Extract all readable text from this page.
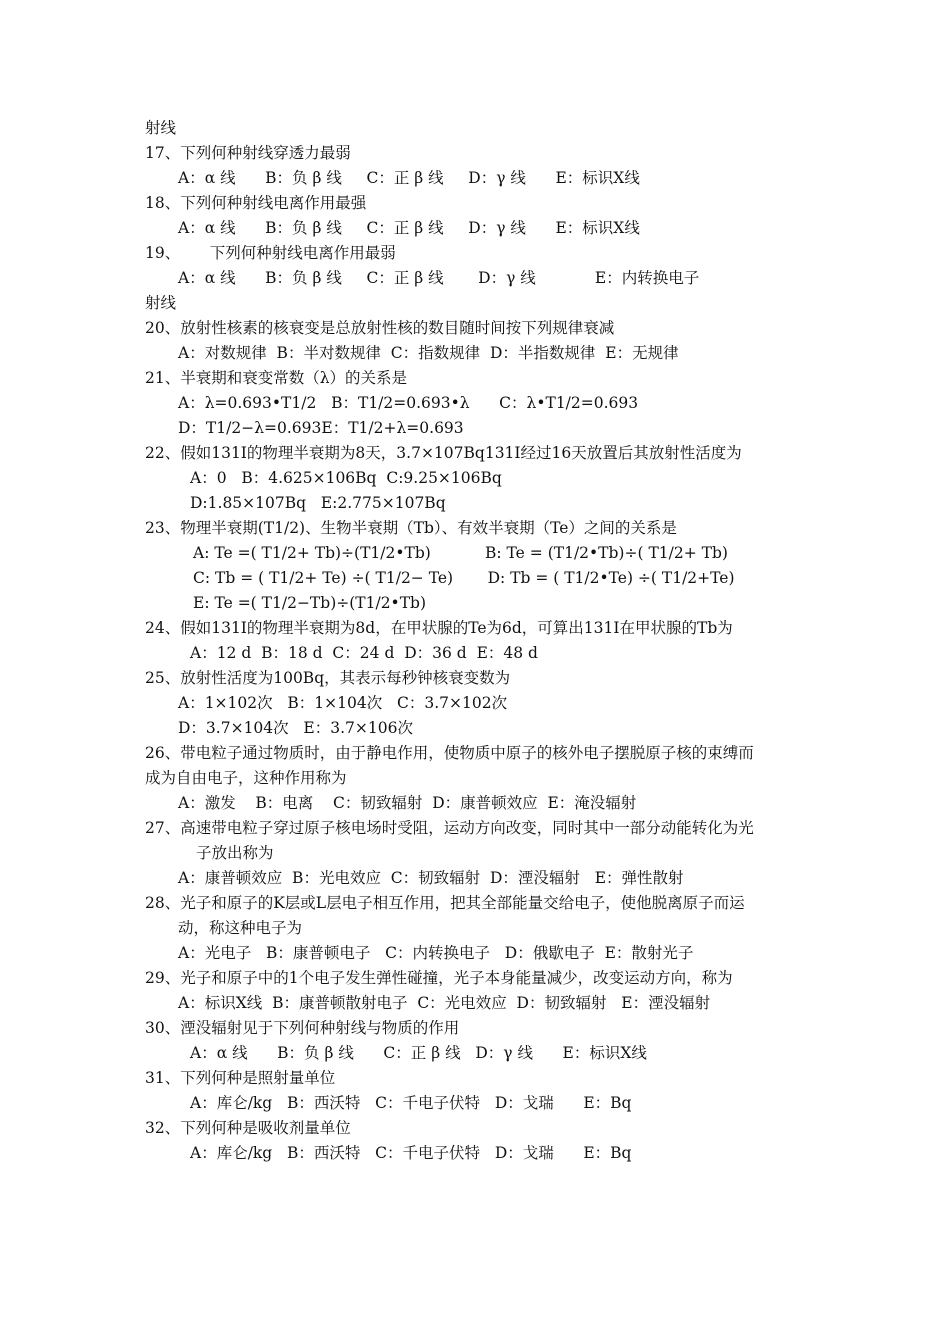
射线
17、下列何种射线穿透力最弱
A：α 线      B：负 β 线     C：正 β 线     D：γ 线      E：标识Ⅹ线
18、下列何种射线电离作用最强
A：α 线      B：负 β 线     C：正 β 线     D：γ 线      E：标识Ⅹ线
19、      下列何种射线电离作用最弱
A：α 线      B：负 β 线     C：正 β 线       D：γ 线            E：内转换电子
射线
20、放射性核素的核衰变是总放射性核的数目随时间按下列规律衰减
A：对数规律  B：半对数规律  C：指数规律  D：半指数规律  E：无规律
21、半衰期和衰变常数（λ）的关系是
A：λ=0.693•T1/2   B：T1/2=0.693•λ      C：λ•T1/2=0.693
D：T1/2−λ=0.693E：T1/2+λ=0.693
22、假如131I的物理半衰期为8天，3.7×107Bq131I经过16天放置后其放射性活度为
A：0   B：4.625×106Bq  C:9.25×106Bq
D:1.85×107Bq   E:2.775×107Bq
23、物理半衰期(T1/2)、生物半衰期（Tb）、有效半衰期（Te）之间的关系是
A: Te =( T1/2+ Tb)÷(T1/2•Tb)           B: Te = (T1/2•Tb)÷( T1/2+ Tb)
C: Tb = ( T1/2+ Te) ÷( T1/2− Te)       D: Tb = ( T1/2•Te) ÷( T1/2+Te)
E: Te =( T1/2−Tb)÷(T1/2•Tb)
24、假如131I的物理半衰期为8d，在甲状腺的Te为6d，可算出131I在甲状腺的Tb为
A：12 d  B：18 d  C：24 d  D：36 d  E：48 d
25、放射性活度为100Bq，其表示每秒钟核衰变数为
A：1×102次   B：1×104次   C：3.7×102次
D：3.7×104次   E：3.7×106次
26、带电粒子通过物质时，由于静电作用，使物质中原子的核外电子摆脱原子核的束缚而
成为自由电子，这种作用称为
A：激发    B：电离    C：韧致辐射  D：康普顿效应  E：淹没辐射
27、高速带电粒子穿过原子核电场时受阻，运动方向改变，同时其中一部分动能转化为光
子放出称为
A：康普顿效应  B：光电效应  C：韧致辐射  D：湮没辐射   E：弹性散射
28、光子和原子的K层或L层电子相互作用，把其全部能量交给电子，使他脱离原子而运
动，称这种电子为
A：光电子   B：康普顿电子   C：内转换电子   D：俄歇电子  E：散射光子
29、光子和原子中的1个电子发生弹性碰撞，光子本身能量减少，改变运动方向，称为
A：标识Ⅹ线  B：康普顿散射电子  C：光电效应  D：韧致辐射   E：湮没辐射
30、湮没辐射见于下列何种射线与物质的作用
A：α 线      B：负 β 线      C：正 β 线   D：γ 线      E：标识Ⅹ线
31、下列何种是照射量单位
A：库仑/kg   B：西沃特   C：千电子伏特   D：戈瑞      E：Bq
32、下列何种是吸收剂量单位
A：库仑/kg   B：西沃特   C：千电子伏特   D：戈瑞      E：Bq
